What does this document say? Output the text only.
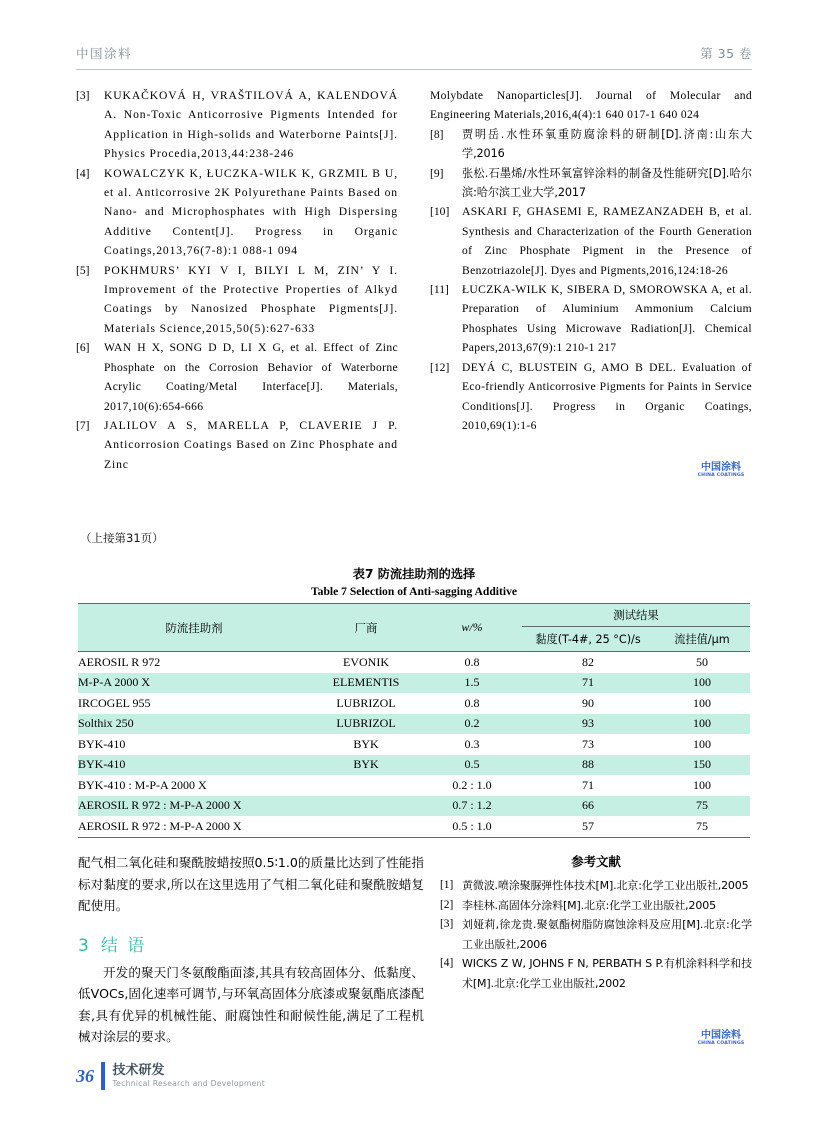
中国涂料	第 35 卷
[3]	KUKAČKOVÁ H, VRAŠTILOVÁ A, KALENDOVÁ A. Non-Toxic Anticorrosive Pigments Intended for Application in High-solids and Waterborne Paints[J]. Physics Procedia,2013,44:238-246
[4]	KOWALCZYK K, ŁUCZKA-WILK K, GRZMIL B U, et al. Anticorrosive 2K Polyurethane Paints Based on Nano- and Microphosphates with High Dispersing Additive Content[J]. Progress in Organic Coatings,2013,76(7-8):1 088-1 094
[5]	POKHMURS’ KYI V I, BILYI L M, ZIN’ Y I. Improvement of the Protective Properties of Alkyd Coatings by Nanosized Phosphate Pigments[J]. Materials Science,2015,50(5):627-633
[6]	WAN H X, SONG D D, LI X G, et al. Effect of Zinc Phosphate on the Corrosion Behavior of Waterborne Acrylic Coating/Metal Interface[J]. Materials, 2017,10(6):654-666
[7]	JALILOV A S, MARELLA P, CLAVERIE J P. Anticorrosion Coatings Based on Zinc Phosphate and Zinc
Molybdate Nanoparticles[J]. Journal of Molecular and Engineering Materials,2016,4(4):1 640 017-1 640 024
[8]	贾明岳.水性环氧重防腐涂料的研制[D].济南:山东大学,2016
[9]	张松.石墨烯/水性环氧富锌涂料的制备及性能研究[D].哈尔滨:哈尔滨工业大学,2017
[10]	ASKARI F, GHASEMI E, RAMEZANZADEH B, et al. Synthesis and Characterization of the Fourth Generation of Zinc Phosphate Pigment in the Presence of Benzotriazole[J]. Dyes and Pigments,2016,124:18-26
[11]	ŁUCZKA-WILK K, SIBERA D, SMOROWSKA A, et al. Preparation of Aluminium Ammonium Calcium Phosphates Using Microwave Radiation[J]. Chemical Papers,2013,67(9):1 210-1 217
[12]	DEYÁ C, BLUSTEIN G, AMO B DEL. Evaluation of Eco-friendly Anticorrosive Pigments for Paints in Service Conditions[J]. Progress in Organic Coatings, 2010,69(1):1-6
中国涂料
CHINA COATINGS
（上接第31页）
表7 防流挂助剂的选择
Table 7 Selection of Anti-sagging Additive
防流挂助剂	厂商	w/%	测试结果	
			黏度(T-4#, 25 °C)/s	流挂值/μm
AEROSIL R 972	EVONIK	0.8	82	50
M-P-A 2000 X	ELEMENTIS	1.5	71	100
IRCOGEL 955	LUBRIZOL	0.8	90	100
Solthix 250	LUBRIZOL	0.2	93	100
BYK-410	BYK	0.3	73	100
BYK-410	BYK	0.5	88	150
BYK-410 : M-P-A 2000 X		0.2 : 1.0	71	100
AEROSIL R 972 : M-P-A 2000 X		0.7 : 1.2	66	75
AEROSIL R 972 : M-P-A 2000 X		0.5 : 1.0	57	75
配气相二氧化硅和聚酰胺蜡按照0.5∶1.0的质量比达到了性能指标对黏度的要求,所以在这里选用了气相二氧化硅和聚酰胺蜡复配使用。
3 结 语
开发的聚天门冬氨酸酯面漆,其具有较高固体分、低黏度、低VOCs,固化速率可调节,与环氧高固体分底漆或聚氨酯底漆配套,具有优异的机械性能、耐腐蚀性和耐候性能,满足了工程机械对涂层的要求。
参考文献
[1] 黄微波.喷涂聚脲弹性体技术[M].北京:化学工业出版社,2005
[2] 李桂林.高固体分涂料[M].北京:化学工业出版社,2005
[3] 刘娅莉,徐龙贵.聚氨酯树脂防腐蚀涂料及应用[M].北京:化学工业出版社,2006
[4] WICKS Z W, JOHNS F N, PERBATH S P.有机涂料科学和技术[M].北京:化学工业出版社,2002
中国涂料
CHINA COATINGS
36 技术研发
Technical Research and Development
